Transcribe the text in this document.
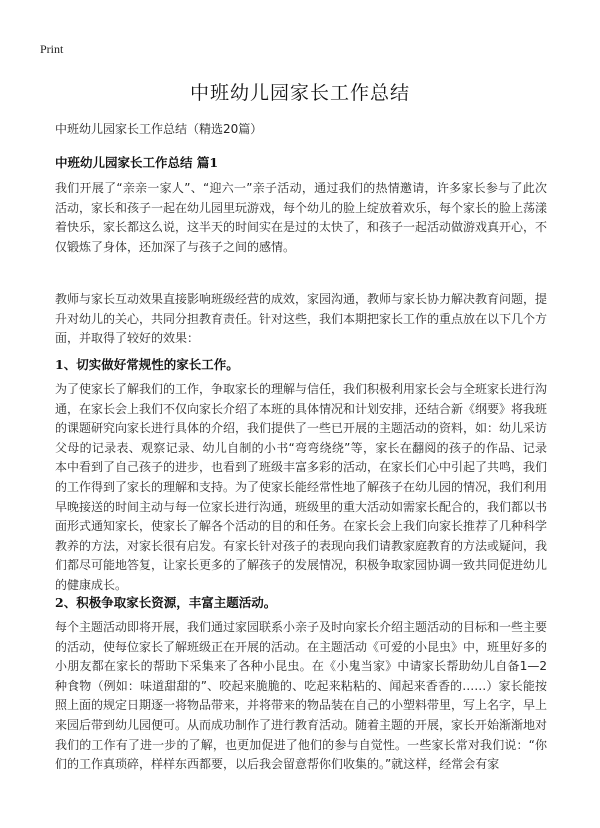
Print
中班幼儿园家长工作总结
中班幼儿园家长工作总结（精选20篇）
中班幼儿园家长工作总结 篇1

我们开展了“亲亲一家人”、“迎六一”亲子活动，通过我们的热情邀请，许多家长参与了此次活动，家长和孩子一起在幼儿园里玩游戏，每个幼儿的脸上绽放着欢乐，每个家长的脸上荡漾着快乐，家长都这么说，这半天的时间实在是过的太快了，和孩子一起活动做游戏真开心，不仅锻炼了身体，还加深了与孩子之间的感情。

教师与家长互动效果直接影响班级经营的成效，家园沟通，教师与家长协力解决教育问题，提升对幼儿的关心，共同分担教育责任。针对这些，我们本期把家长工作的重点放在以下几个方面，并取得了较好的效果：

1、切实做好常规性的家长工作。

为了使家长了解我们的工作，争取家长的理解与信任，我们积极利用家长会与全班家长进行沟通，在家长会上我们不仅向家长介绍了本班的具体情况和计划安排，还结合新《纲要》将我班的课题研究向家长进行具体的介绍，我们提供了一些已开展的主题活动的资料，如：幼儿采访父母的记录表、观察记录、幼儿自制的小书“弯弯绕绕”等，家长在翻阅的孩子的作品、记录本中看到了自己孩子的进步，也看到了班级丰富多彩的活动，在家长们心中引起了共鸣，我们的工作得到了家长的理解和支持。为了使家长能经常性地了解孩子在幼儿园的情况，我们利用早晚接送的时间主动与每一位家长进行沟通，班级里的重大活动如需家长配合的，我们都以书面形式通知家长，使家长了解各个活动的目的和任务。在家长会上我们向家长推荐了几种科学教养的方法，对家长很有启发。有家长针对孩子的表现向我们请教家庭教育的方法或疑问，我们都尽可能地答复，让家长更多的了解孩子的发展情况，积极争取家园协调一致共同促进幼儿的健康成长。

2、积极争取家长资源，丰富主题活动。

每个主题活动即将开展，我们通过家园联系小亲子及时向家长介绍主题活动的目标和一些主要的活动，使每位家长了解班级正在开展的活动。在主题活动《可爱的小昆虫》中，班里好多的小朋友都在家长的帮助下采集来了各种小昆虫。在《小鬼当家》中请家长帮助幼儿自备1—2种食物（例如：味道甜甜的”、咬起来脆脆的、吃起来粘粘的、闻起来香香的……）家长能按照上面的规定日期逐一将物品带来，并将带来的物品装在自己的小塑料带里，写上名字，早上来园后带到幼儿园便可。从而成功制作了进行教育活动。随着主题的开展，家长开始渐渐地对我们的工作有了进一步的了解，也更加促进了他们的参与自觉性。一些家长常对我们说：“你们的工作真琐碎，样样东西都要，以后我会留意帮你们收集的。”就这样，经常会有家
